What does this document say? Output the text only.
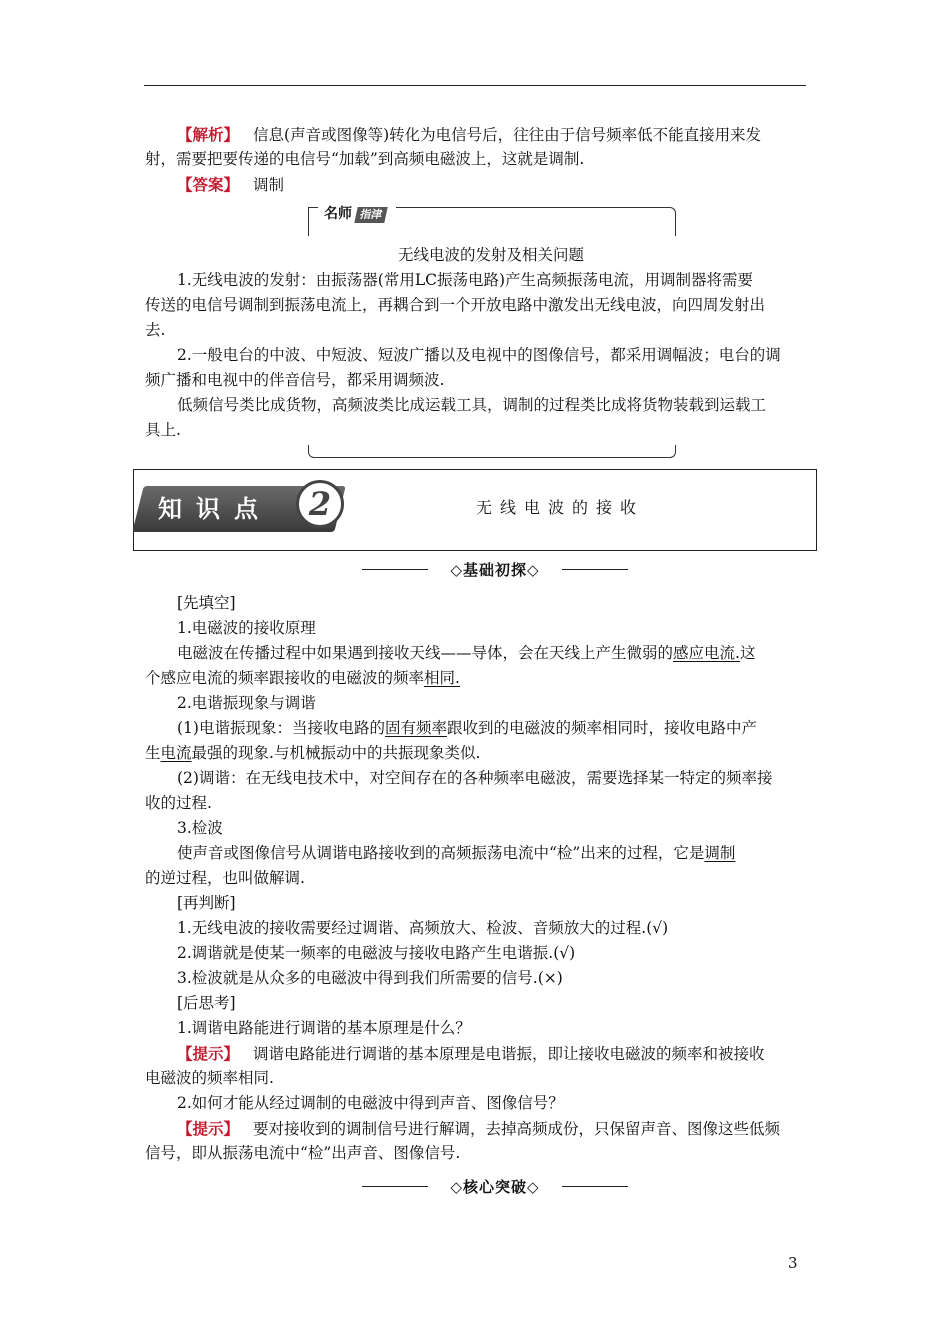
【解析】 信息(声音或图像等)转化为电信号后，往往由于信号频率低不能直接用来发

射，需要把要传递的电信号“加载”到高频电磁波上，这就是调制.

【答案】 调制

名师 指津
无线电波的发射及相关问题

1.无线电波的发射：由振荡器(常用LC振荡电路)产生高频振荡电流，用调制器将需要

传送的电信号调制到振荡电流上，再耦合到一个开放电路中激发出无线电波，向四周发射出

去.

2.一般电台的中波、中短波、短波广播以及电视中的图像信号，都采用调幅波；电台的调

频广播和电视中的伴音信号，都采用调频波.

低频信号类比成货物，高频波类比成运载工具，调制的过程类比成将货物装载到运载工

具上.

知识点	2	无线电波的接收
◇基础初探◇

[先填空]

1.电磁波的接收原理

电磁波在传播过程中如果遇到接收天线——导体，会在天线上产生微弱的感应电流.这

个感应电流的频率跟接收的电磁波的频率相同.

2.电谐振现象与调谐

(1)电谐振现象：当接收电路的固有频率跟收到的电磁波的频率相同时，接收电路中产

生电流最强的现象.与机械振动中的共振现象类似.

(2)调谐：在无线电技术中，对空间存在的各种频率电磁波，需要选择某一特定的频率接

收的过程.

3.检波

使声音或图像信号从调谐电路接收到的高频振荡电流中“检”出来的过程，它是调制

的逆过程，也叫做解调.

[再判断]

1.无线电波的接收需要经过调谐、高频放大、检波、音频放大的过程.(√)

2.调谐就是使某一频率的电磁波与接收电路产生电谐振.(√)

3.检波就是从众多的电磁波中得到我们所需要的信号.(×)

[后思考]

1.调谐电路能进行调谐的基本原理是什么？

【提示】 调谐电路能进行调谐的基本原理是电谐振，即让接收电磁波的频率和被接收

电磁波的频率相同.

2.如何才能从经过调制的电磁波中得到声音、图像信号？

【提示】 要对接收到的调制信号进行解调，去掉高频成份，只保留声音、图像这些低频

信号，即从振荡电流中“检”出声音、图像信号.

◇核心突破◇
3
